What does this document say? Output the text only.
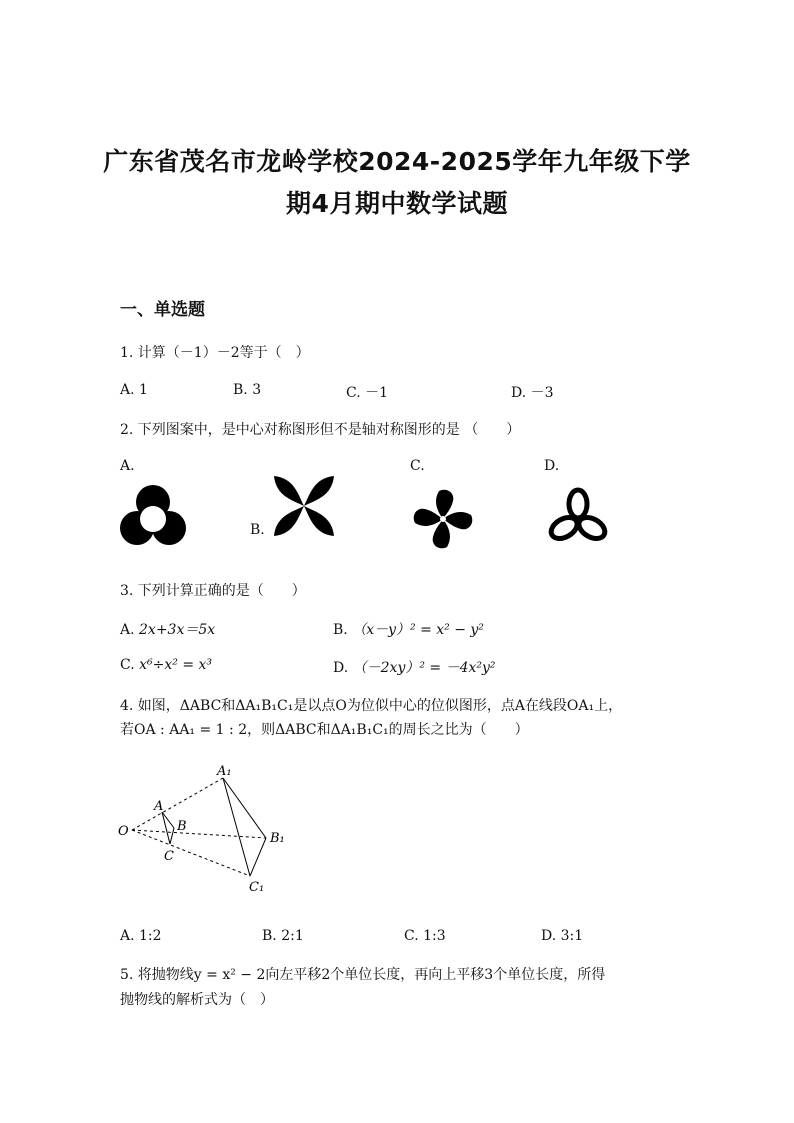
广东省茂名市龙岭学校2024-2025学年九年级下学
期4月期中数学试题
一、单选题
1. 计算（－1）－2等于（　）
A. 1	B. 3	C. －1	D. －3
2. 下列图案中，是中心对称图形但不是轴对称图形的是 （　　）
A.
B.
C.	D.
3. 下列计算正确的是（　　）
A. 2x+3x＝5x	B. （x－y）² = x² − y²
C. x⁶÷x² = x³	D. （－2xy）² = －4x²y²
4. 如图，ΔABC和ΔA₁B₁C₁是以点O为位似中心的位似图形，点A在线段OA₁上，
若OA : AA₁ = 1 : 2，则ΔABC和ΔA₁B₁C₁的周长之比为（　　）
O
A
B
C
A₁
B₁
C₁
A. 1:2	B. 2:1	C. 1:3	D. 3:1
5. 将抛物线y = x² − 2向左平移2个单位长度，再向上平移3个单位长度，所得
抛物线的解析式为（　）
